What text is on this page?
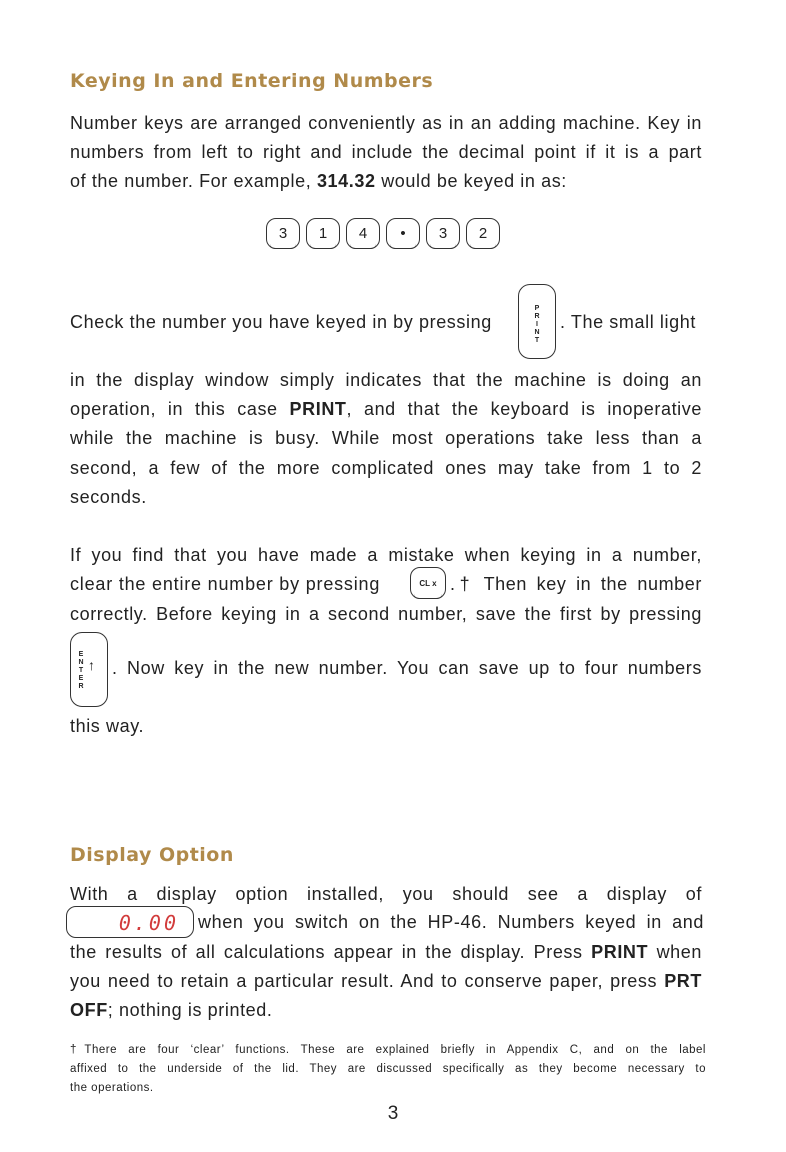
Keying In and Entering Numbers
Number keys are arranged conveniently as in an adding machine. Key in
numbers from left to right and include the decimal point if it is a part
of the number. For example, 314.32 would be keyed in as:
3 1 4 • 3 2
Check the number you have keyed in by pressing
P
R
I
N
T
. The small light
in the display window simply indicates that the machine is doing an
operation, in this case PRINT, and that the keyboard is inoperative
while the machine is busy. While most operations take less than a
second, a few of the more complicated ones may take from 1 to 2
seconds.
If you find that you have made a mistake when keying in a number,
clear the entire number by pressing	CL x .† Then key in the number
correctly. Before keying in a second number, save the first by pressing
E
N
T
E
R
↑ . Now key in the new number. You can save up to four numbers
this way.
Display Option
With a display option installed, you should see a display of
0.00 when you switch on the HP-46. Numbers keyed in and
the results of all calculations appear in the display. Press PRINT when
you need to retain a particular result. And to conserve paper, press PRT
OFF; nothing is printed.
†There are four ‘clear’ functions. These are explained briefly in Appendix C, and on the label
affixed to the underside of the lid. They are discussed specifically as they become necessary to
the operations.
3
